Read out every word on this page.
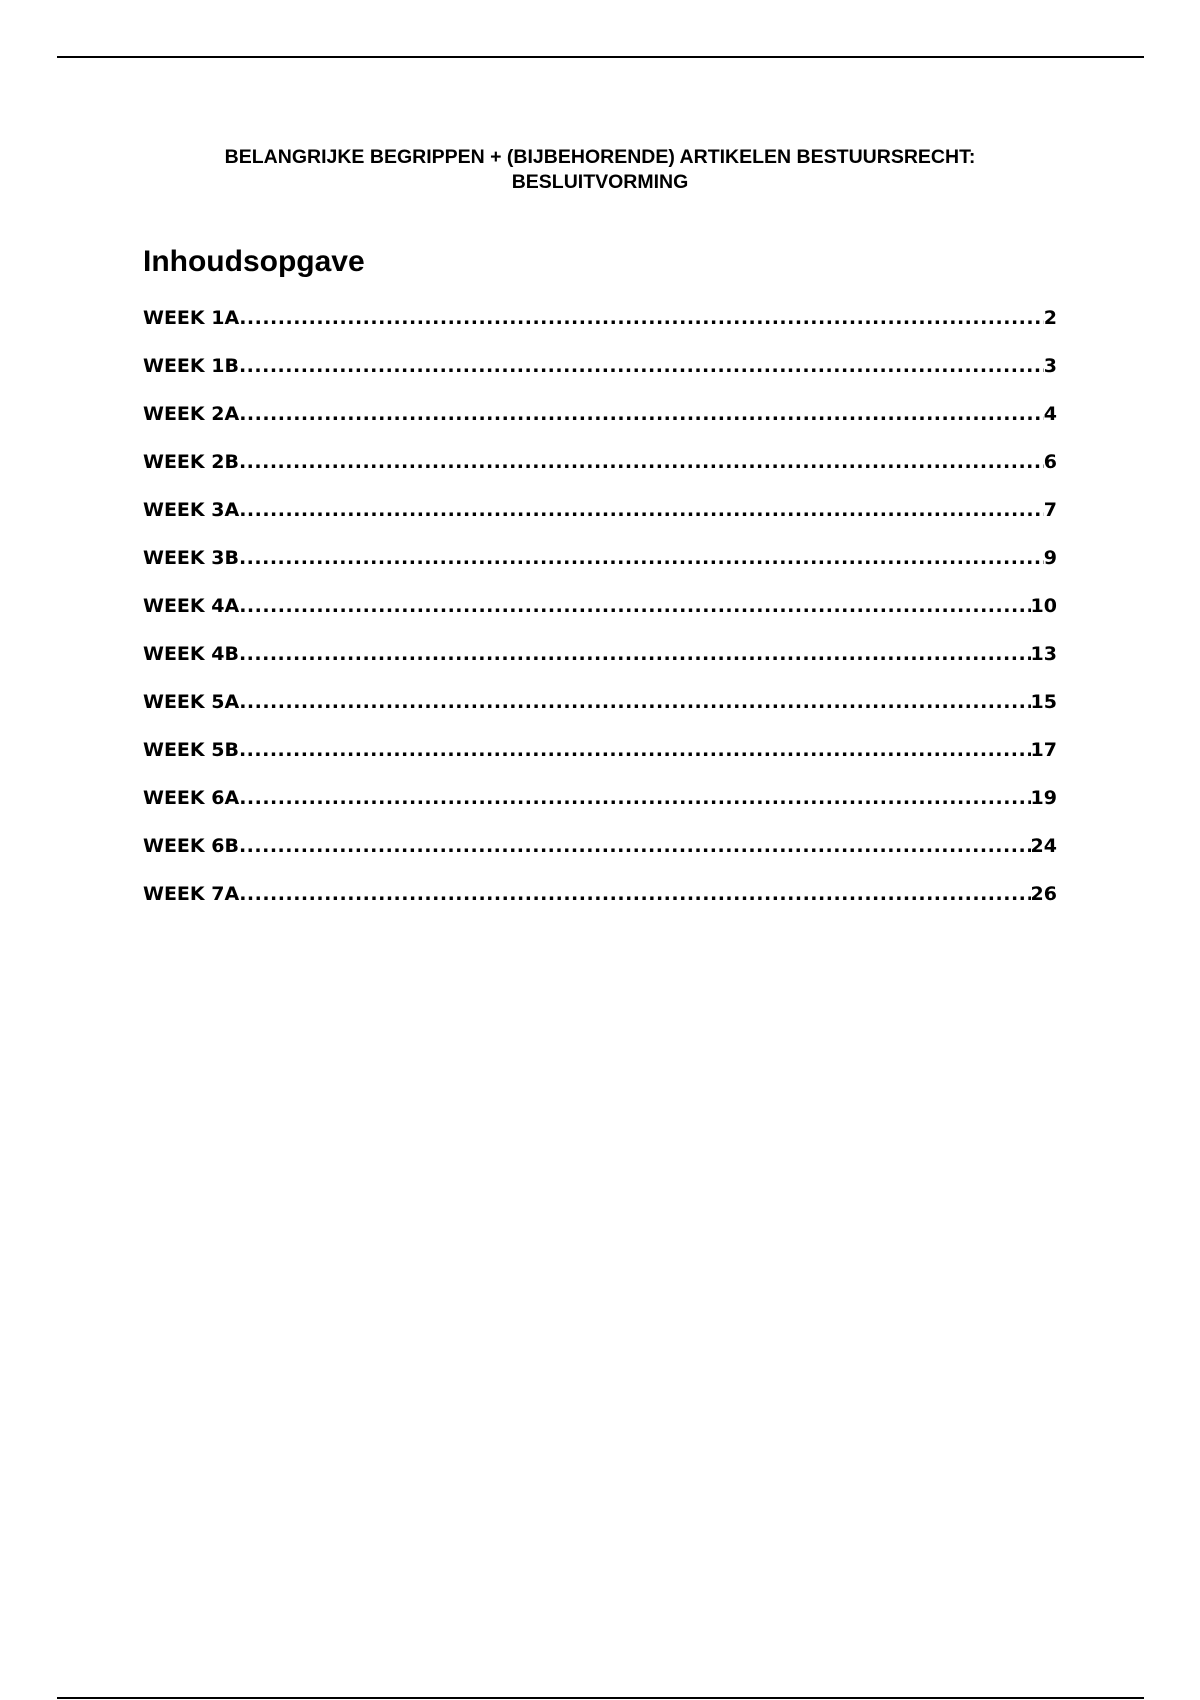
BELANGRIJKE BEGRIPPEN + (BIJBEHORENDE) ARTIKELEN BESTUURSRECHT:
BESLUITVORMING
Inhoudsopgave
WEEK 1A .....	2
WEEK 1B .....	3
WEEK 2A .....	4
WEEK 2B .....	6
WEEK 3A .....	7
WEEK 3B .....	9
WEEK 4A .....	10
WEEK 4B .....	13
WEEK 5A .....	15
WEEK 5B .....	17
WEEK 6A .....	19
WEEK 6B .....	24
WEEK 7A .....	26
